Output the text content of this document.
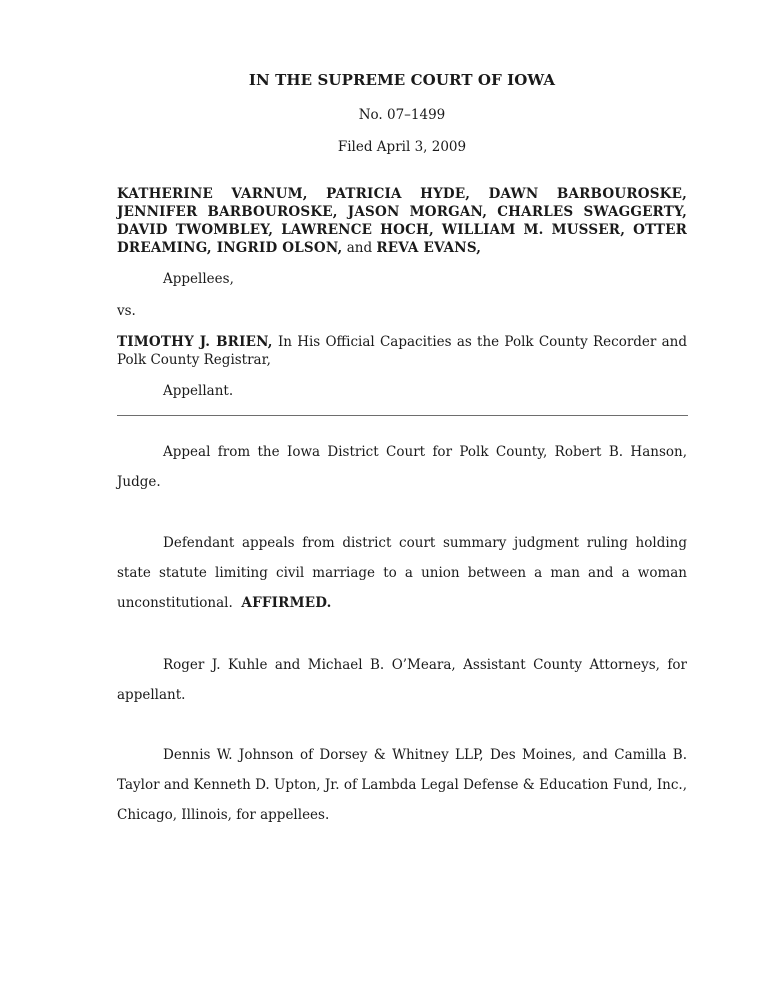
IN THE SUPREME COURT OF IOWA
No. 07–1499
Filed April 3, 2009
KATHERINE VARNUM, PATRICIA HYDE, DAWN BARBOUROSKE, JENNIFER BARBOUROSKE, JASON MORGAN, CHARLES SWAGGERTY, DAVID TWOMBLEY, LAWRENCE HOCH, WILLIAM M. MUSSER, OTTER DREAMING, INGRID OLSON, and REVA EVANS,
Appellees,
vs.
TIMOTHY J. BRIEN, In His Official Capacities as the Polk County Recorder and Polk County Registrar,
Appellant.
Appeal from the Iowa District Court for Polk County, Robert B. Hanson, Judge.
Defendant appeals from district court summary judgment ruling holding state statute limiting civil marriage to a union between a man and a woman unconstitutional. AFFIRMED.
Roger J. Kuhle and Michael B. O’Meara, Assistant County Attorneys, for appellant.
Dennis W. Johnson of Dorsey & Whitney LLP, Des Moines, and Camilla B. Taylor and Kenneth D. Upton, Jr. of Lambda Legal Defense & Education Fund, Inc., Chicago, Illinois, for appellees.
